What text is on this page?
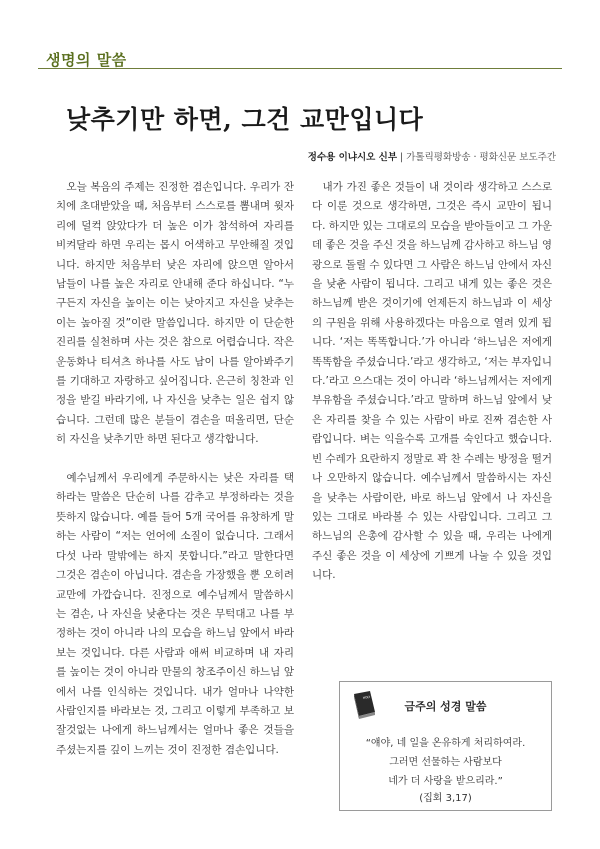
생명의 말씀
낮추기만 하면, 그건 교만입니다
정수용 이냐시오 신부 | 가톨릭평화방송 · 평화신문 보도주간

오늘 복음의 주제는 진정한 겸손입니다. 우리가 잔치에 초대받았을 때, 처음부터 스스로를 뽐내며 윗자리에 덜컥 앉았다가 더 높은 이가 참석하여 자리를 비켜달라 하면 우리는 몹시 어색하고 무안해질 것입니다. 하지만 처음부터 낮은 자리에 앉으면 알아서 남들이 나를 높은 자리로 안내해 준다 하십니다. “누구든지 자신을 높이는 이는 낮아지고 자신을 낮추는 이는 높아질 것”이란 말씀입니다. 하지만 이 단순한 진리를 실천하며 사는 것은 참으로 어렵습니다. 작은 운동화나 티셔츠 하나를 사도 남이 나를 알아봐주기를 기대하고 자랑하고 싶어집니다. 은근히 칭찬과 인정을 받길 바라기에, 나 자신을 낮추는 일은 쉽지 않습니다. 그런데 많은 분들이 겸손을 떠올리면, 단순히 자신을 낮추기만 하면 된다고 생각합니다.

예수님께서 우리에게 주문하시는 낮은 자리를 택하라는 말씀은 단순히 나를 감추고 부정하라는 것을 뜻하지 않습니다. 예를 들어 5개 국어를 유창하게 말하는 사람이 “저는 언어에 소질이 없습니다. 그래서 다섯 나라 말밖에는 하지 못합니다.”라고 말한다면 그것은 겸손이 아닙니다. 겸손을 가장했을 뿐 오히려 교만에 가깝습니다. 진정으로 예수님께서 말씀하시는 겸손, 나 자신을 낮춘다는 것은 무턱대고 나를 부정하는 것이 아니라 나의 모습을 하느님 앞에서 바라보는 것입니다. 다른 사람과 애써 비교하며 내 자리를 높이는 것이 아니라 만물의 창조주이신 하느님 앞에서 나를 인식하는 것입니다. 내가 얼마나 나약한 사람인지를 바라보는 것, 그리고 이렇게 부족하고 보잘것없는 나에게 하느님께서는 얼마나 좋은 것들을 주셨는지를 깊이 느끼는 것이 진정한 겸손입니다.

내가 가진 좋은 것들이 내 것이라 생각하고 스스로 다 이룬 것으로 생각하면, 그것은 즉시 교만이 됩니다. 하지만 있는 그대로의 모습을 받아들이고 그 가운데 좋은 것을 주신 것을 하느님께 감사하고 하느님 영광으로 돌릴 수 있다면 그 사람은 하느님 안에서 자신을 낮춘 사람이 됩니다. 그리고 내게 있는 좋은 것은 하느님께 받은 것이기에 언제든지 하느님과 이 세상의 구원을 위해 사용하겠다는 마음으로 열려 있게 됩니다. ‘저는 똑똑합니다.’가 아니라 ‘하느님은 저에게 똑똑함을 주셨습니다.’라고 생각하고, ‘저는 부자입니다.’라고 으스대는 것이 아니라 ‘하느님께서는 저에게 부유함을 주셨습니다.’라고 말하며 하느님 앞에서 낮은 자리를 찾을 수 있는 사람이 바로 진짜 겸손한 사람입니다. 벼는 익을수록 고개를 숙인다고 했습니다. 빈 수레가 요란하지 정말로 꽉 찬 수레는 방정을 떨거나 오만하지 않습니다. 예수님께서 말씀하시는 자신을 낮추는 사람이란, 바로 하느님 앞에서 나 자신을 있는 그대로 바라볼 수 있는 사람입니다. 그리고 그 하느님의 은총에 감사할 수 있을 때, 우리는 나에게 주신 좋은 것을 이 세상에 기쁘게 나눌 수 있을 것입니다.

HOLY BIBLE
금주의 성경 말씀
“얘야, 네 일을 온유하게 처리하여라.
그러면 선물하는 사람보다
네가 더 사랑을 받으리라.”
(집회 3,17)
